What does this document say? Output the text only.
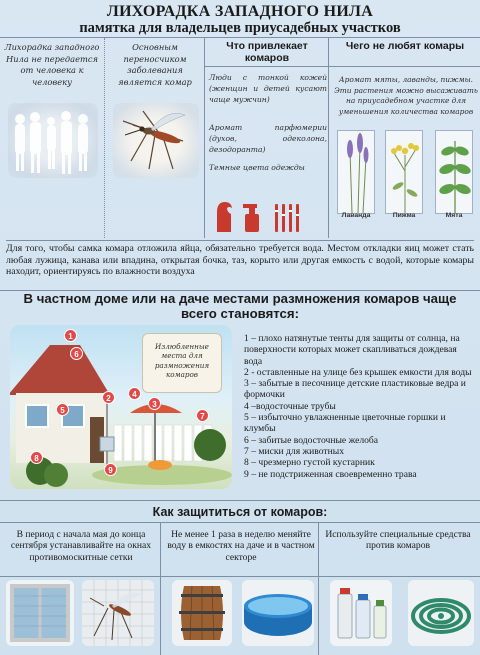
ЛИХОРАДКА ЗАПАДНОГО НИЛА
памятка для владельцев приусадебных участков
Лихорадка западного Нила не передается от человека к человеку
Основным переносчиком заболевания является комар
Что привлекает комаров
Люди с тонкой кожей (женщин и детей кусают чаще мужчин)
Аромат парфюмерии (духов, одеколона, дезодоранта)
Темные цвета одежды
Чего не любят комары
Аромат мяты, лаванды, пижмы. Эти растения можно высаживать на приусадебном участке для уменьшения количества комаров
Лаванда	Пижма	Мята
Для того, чтобы самка комара отложила яйца, обязательно требуется вода. Местом откладки яиц может стать любая лужица, канава или впадина, открытая бочка, таз, корыто или другая емкость с водой, которые комары находит, ориентируясь по влажности воздуха
В частном доме или на даче местами размножения комаров чаще всего становятся:
Излюбленные места для размножения комаров
1
2
3
7
5
6
4
8
9
1 – плохо натянутые тенты для защиты от солнца, на поверхности которых может скапливаться дождевая вода
2 - оставленные на улице без крышек емкости для воды
3 – забытые в песочнице детские пластиковые ведра и формочки
4 –водосточные трубы
5 – избыточно увлажненные цветочные горшки и клумбы
6 – забитые водосточные желоба
7 – миски для животных
8 – чрезмерно густой кустарник
9 – не подстриженная своевременно трава
Как защититься от комаров:
В период с начала мая до конца сентября устанавливайте на окнах противомоскитные сетки
Не менее 1 раза в неделю меняйте воду в емкостях на даче и в частном секторе
Используйте специальные средства против комаров
